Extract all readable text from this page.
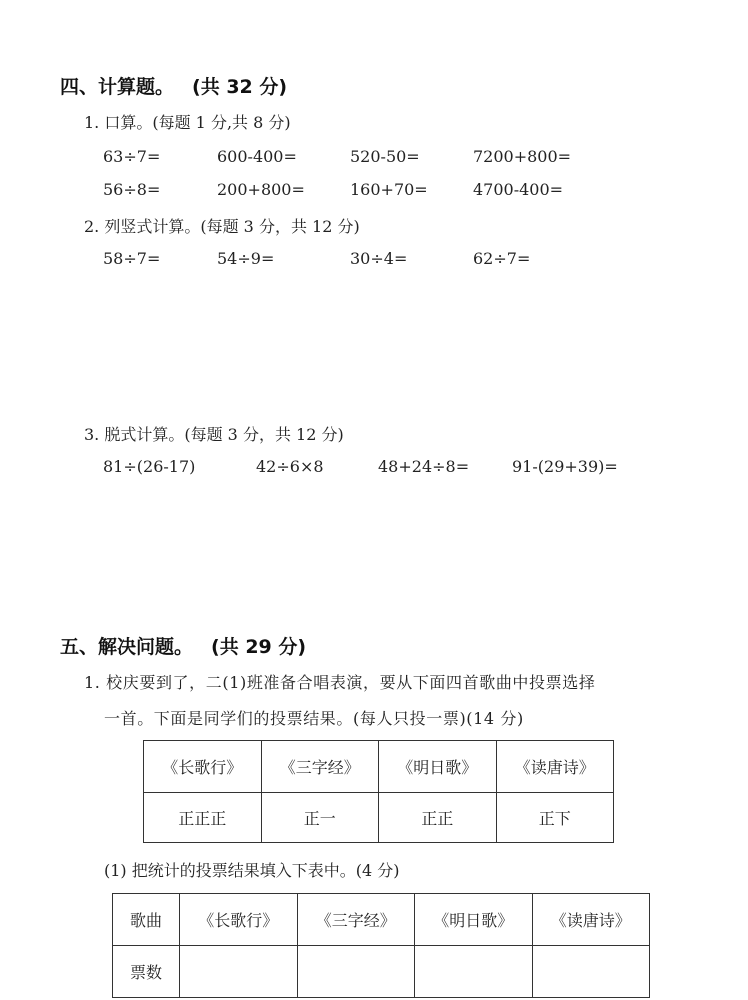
四、计算题。 (共 32 分)
1. 口算。(每题 1 分,共 8 分)
63÷7=	600-400=	520-50=	7200+800=
56÷8=	200+800=	160+70=	4700-400=
2. 列竖式计算。(每题 3 分，共 12 分)
58÷7=	54÷9=	30÷4=	62÷7=
3. 脱式计算。(每题 3 分，共 12 分)
81÷(26-17)	42÷6×8	48+24÷8=	91-(29+39)=
五、解决问题。 (共 29 分)
1. 校庆要到了，二(1)班准备合唱表演，要从下面四首歌曲中投票选择
一首。下面是同学们的投票结果。(每人只投一票)(14 分)
《长歌行》	《三字经》	《明日歌》	《读唐诗》
正正正	正一	正正	正下
(1) 把统计的投票结果填入下表中。(4 分)
歌曲	《长歌行》	《三字经》	《明日歌》	《读唐诗》
票数				
